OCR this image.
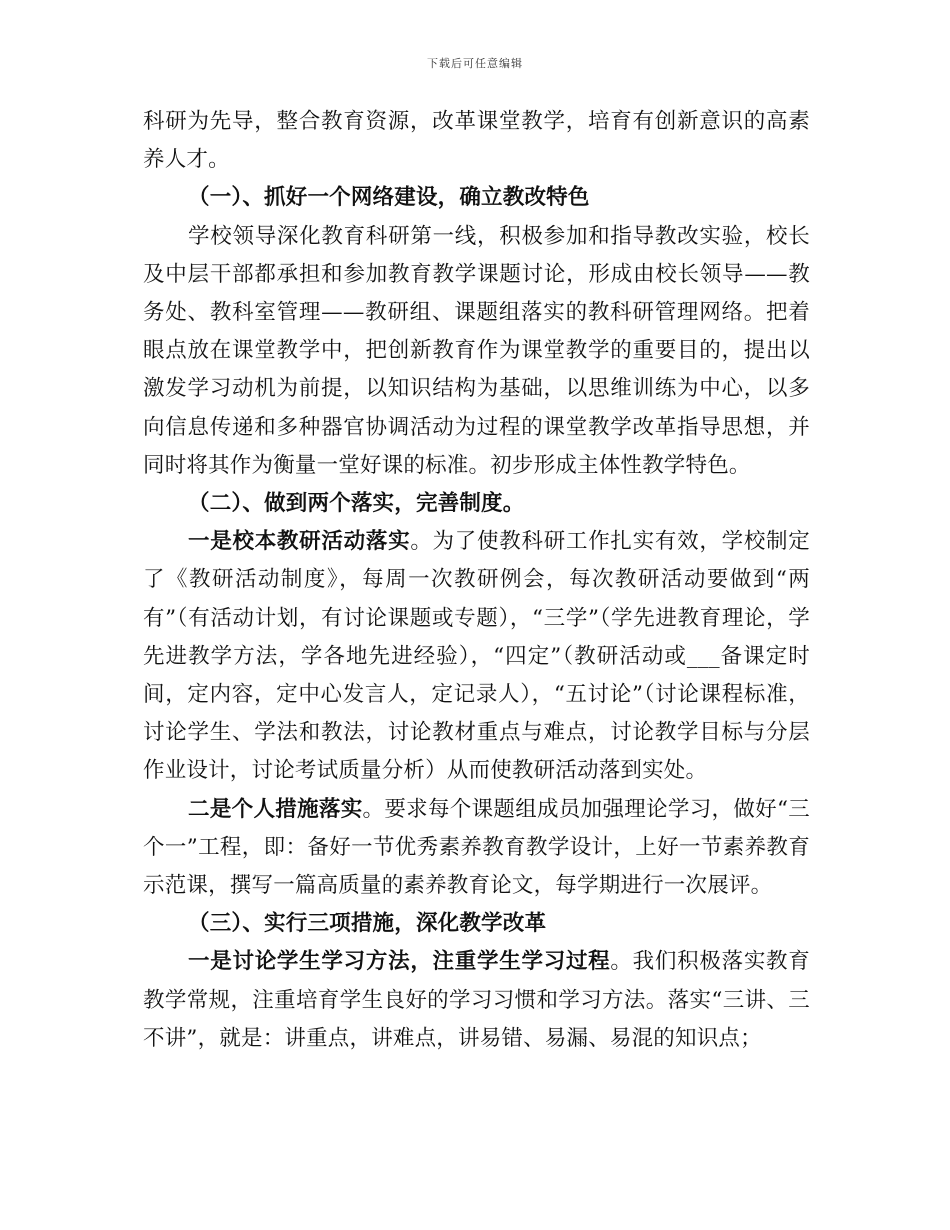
下载后可任意编辑

科研为先导，整合教育资源，改革课堂教学，培育有创新意识的高素养人才。

（一）、抓好一个网络建设，确立教改特色

学校领导深化教育科研第一线，积极参加和指导教改实验，校长及中层干部都承担和参加教育教学课题讨论，形成由校长领导——教务处、教科室管理——教研组、课题组落实的教科研管理网络。把着眼点放在课堂教学中，把创新教育作为课堂教学的重要目的，提出以激发学习动机为前提，以知识结构为基础，以思维训练为中心，以多向信息传递和多种器官协调活动为过程的课堂教学改革指导思想，并同时将其作为衡量一堂好课的标准。初步形成主体性教学特色。

（二）、做到两个落实，完善制度。

一是校本教研活动落实。为了使教科研工作扎实有效，学校制定了《教研活动制度》，每周一次教研例会，每次教研活动要做到“两有”（有活动计划，有讨论课题或专题），“三学”（学先进教育理论，学先进教学方法，学各地先进经验），“四定”（教研活动或___备课定时间，定内容，定中心发言人，定记录人），“五讨论”（讨论课程标准，讨论学生、学法和教法，讨论教材重点与难点，讨论教学目标与分层作业设计，讨论考试质量分析）从而使教研活动落到实处。

二是个人措施落实。要求每个课题组成员加强理论学习，做好“三个一”工程，即：备好一节优秀素养教育教学设计，上好一节素养教育示范课，撰写一篇高质量的素养教育论文，每学期进行一次展评。

（三）、实行三项措施，深化教学改革

一是讨论学生学习方法，注重学生学习过程。我们积极落实教育教学常规，注重培育学生良好的学习习惯和学习方法。落实“三讲、三不讲”，就是：讲重点，讲难点，讲易错、易漏、易混的知识点；
